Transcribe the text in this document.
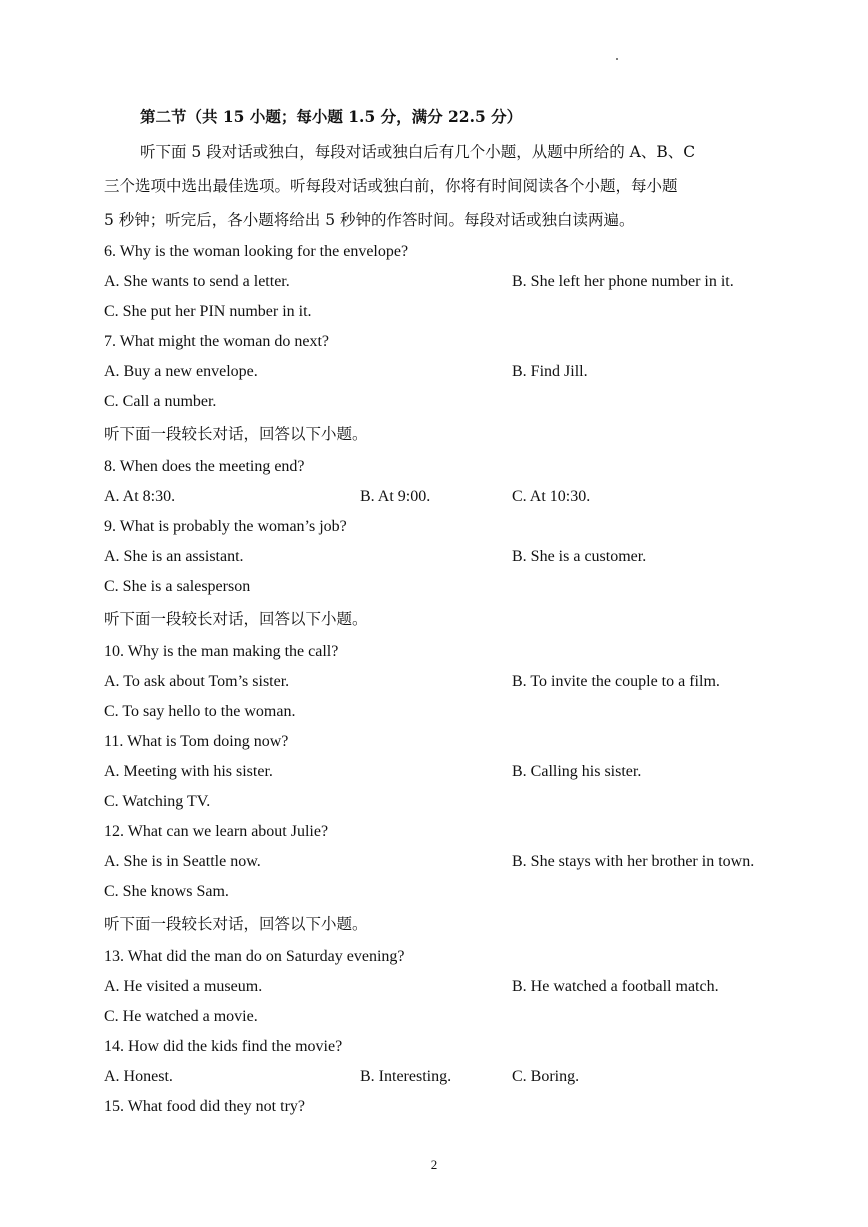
第二节（共 15 小题；每小题 1.5 分，满分 22.5 分）
听下面 5 段对话或独白，每段对话或独白后有几个小题，从题中所给的 A、B、C
三个选项中选出最佳选项。听每段对话或独白前，你将有时间阅读各个小题，每小题
5 秒钟；听完后，各小题将给出 5 秒钟的作答时间。每段对话或独白读两遍。
6. Why is the woman looking for the envelope?
A. She wants to send a letter.	B. She left her phone number in it.
C. She put her PIN number in it.
7. What might the woman do next?
A. Buy a new envelope.	B. Find Jill.
C. Call a number.
听下面一段较长对话，回答以下小题。
8. When does the meeting end?
A. At 8:30.	B. At 9:00.	C. At 10:30.
9. What is probably the woman’s job?
A. She is an assistant.	B. She is a customer.
C. She is a salesperson
听下面一段较长对话，回答以下小题。
10. Why is the man making the call?
A. To ask about Tom’s sister.	B. To invite the couple to a film.
C. To say hello to the woman.
11. What is Tom doing now?
A. Meeting with his sister.	B. Calling his sister.
C. Watching TV.
12. What can we learn about Julie?
A. She is in Seattle now.	B. She stays with her brother in town.
C. She knows Sam.
听下面一段较长对话，回答以下小题。
13. What did the man do on Saturday evening?
A. He visited a museum.	B. He watched a football match.
C. He watched a movie.
14. How did the kids find the movie?
A. Honest.	B. Interesting.	C. Boring.
15. What food did they not try?
2
